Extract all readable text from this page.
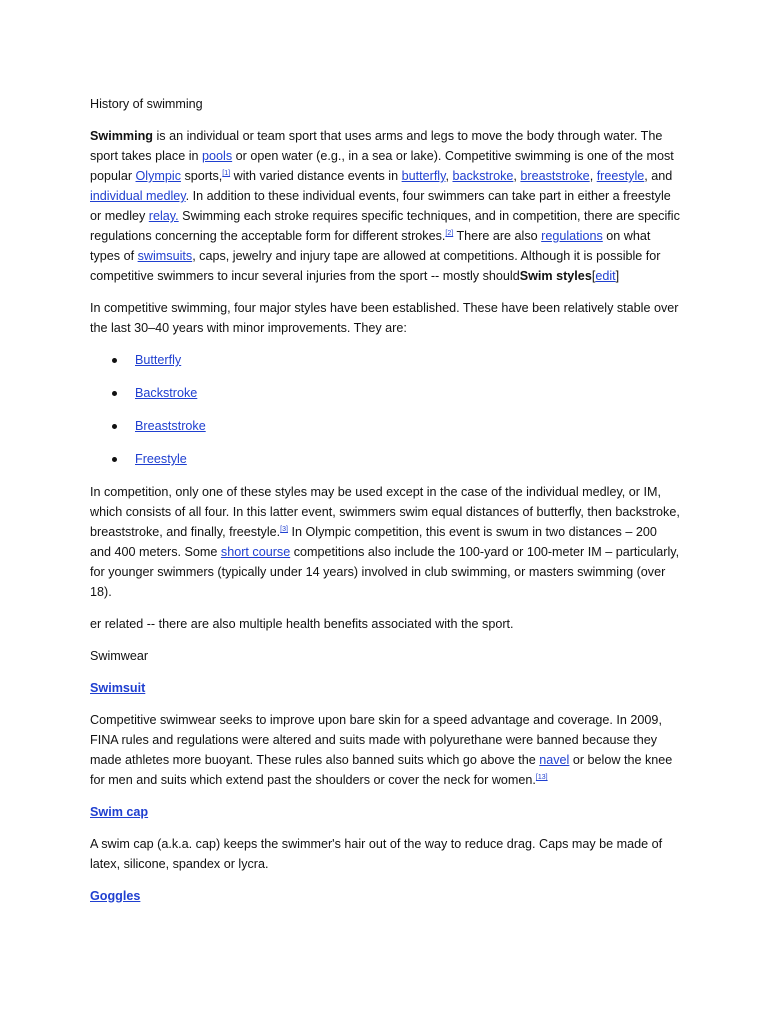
History of swimming

Swimming is an individual or team sport that uses arms and legs to move the body through water. The sport takes place in pools or open water (e.g., in a sea or lake). Competitive swimming is one of the most popular Olympic sports,[1] with varied distance events in butterfly, backstroke, breaststroke, freestyle, and individual medley. In addition to these individual events, four swimmers can take part in either a freestyle or medley relay. Swimming each stroke requires specific techniques, and in competition, there are specific regulations concerning the acceptable form for different strokes.[2] There are also regulations on what types of swimsuits, caps, jewelry and injury tape are allowed at competitions. Although it is possible for competitive swimmers to incur several injuries from the sport -- mostly shouldSwim styles[edit]

In competitive swimming, four major styles have been established. These have been relatively stable over the last 30–40 years with minor improvements. They are:

Butterfly
Backstroke
Breaststroke
Freestyle

In competition, only one of these styles may be used except in the case of the individual medley, or IM, which consists of all four. In this latter event, swimmers swim equal distances of butterfly, then backstroke, breaststroke, and finally, freestyle.[3] In Olympic competition, this event is swum in two distances – 200 and 400 meters. Some short course competitions also include the 100-yard or 100-meter IM – particularly, for younger swimmers (typically under 14 years) involved in club swimming, or masters swimming (over 18).

er related -- there are also multiple health benefits associated with the sport.

Swimwear

Swimsuit

Competitive swimwear seeks to improve upon bare skin for a speed advantage and coverage. In 2009, FINA rules and regulations were altered and suits made with polyurethane were banned because they made athletes more buoyant. These rules also banned suits which go above the navel or below the knee for men and suits which extend past the shoulders or cover the neck for women.[13]

Swim cap

A swim cap (a.k.a. cap) keeps the swimmer's hair out of the way to reduce drag. Caps may be made of latex, silicone, spandex or lycra.

Goggles
